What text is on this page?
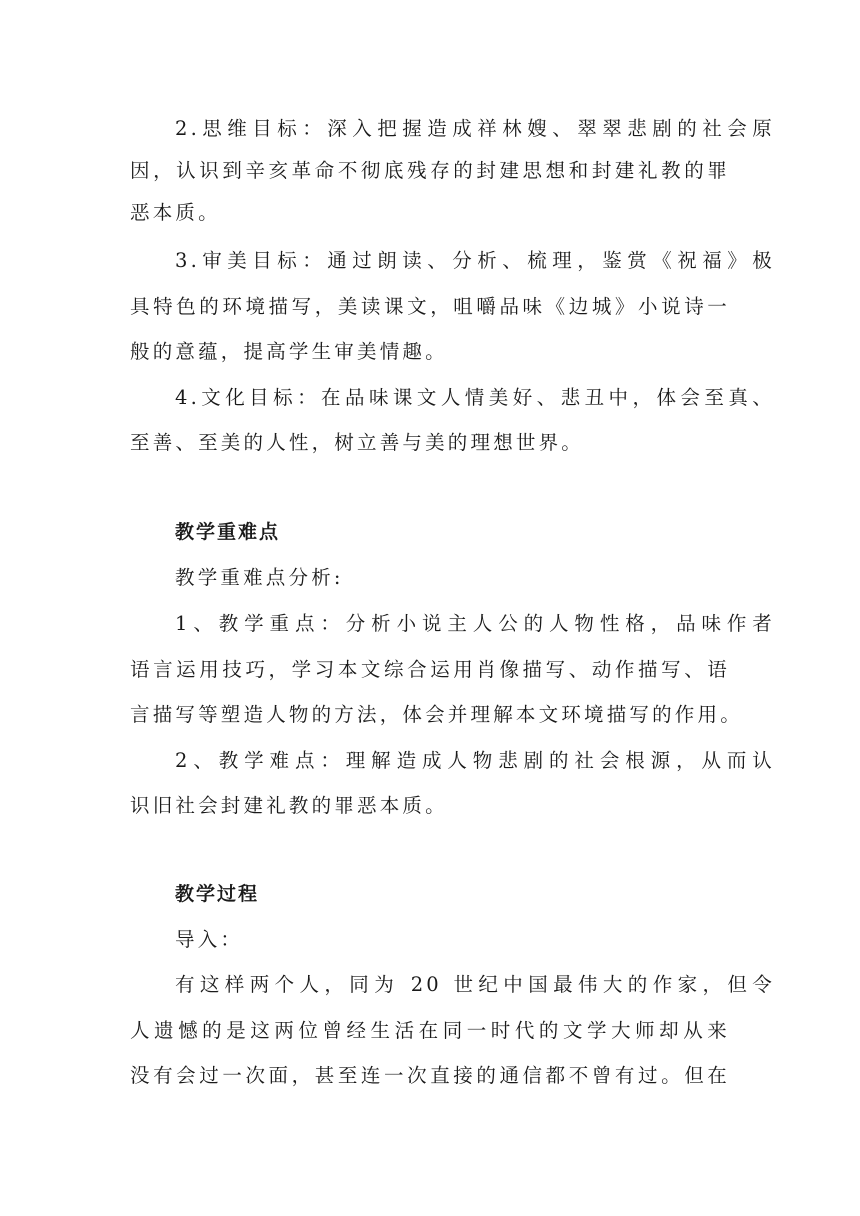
2.思维目标：深入把握造成祥林嫂、翠翠悲剧的社会原
因，认识到辛亥革命不彻底残存的封建思想和封建礼教的罪
恶本质。
3.审美目标：通过朗读、分析、梳理，鉴赏《祝福》极
具特色的环境描写，美读课文，咀嚼品味《边城》小说诗一
般的意蕴，提高学生审美情趣。
4.文化目标：在品味课文人情美好、悲丑中，体会至真、
至善、至美的人性，树立善与美的理想世界。
教学重难点
教学重难点分析:
1、教学重点：分析小说主人公的人物性格，品味作者
语言运用技巧，学习本文综合运用肖像描写、动作描写、语
言描写等塑造人物的方法，体会并理解本文环境描写的作用。
2、教学难点：理解造成人物悲剧的社会根源，从而认
识旧社会封建礼教的罪恶本质。
教学过程
导入：
有这样两个人，同为 20 世纪中国最伟大的作家，但令
人遗憾的是这两位曾经生活在同一时代的文学大师却从来
没有会过一次面，甚至连一次直接的通信都不曾有过。但在
